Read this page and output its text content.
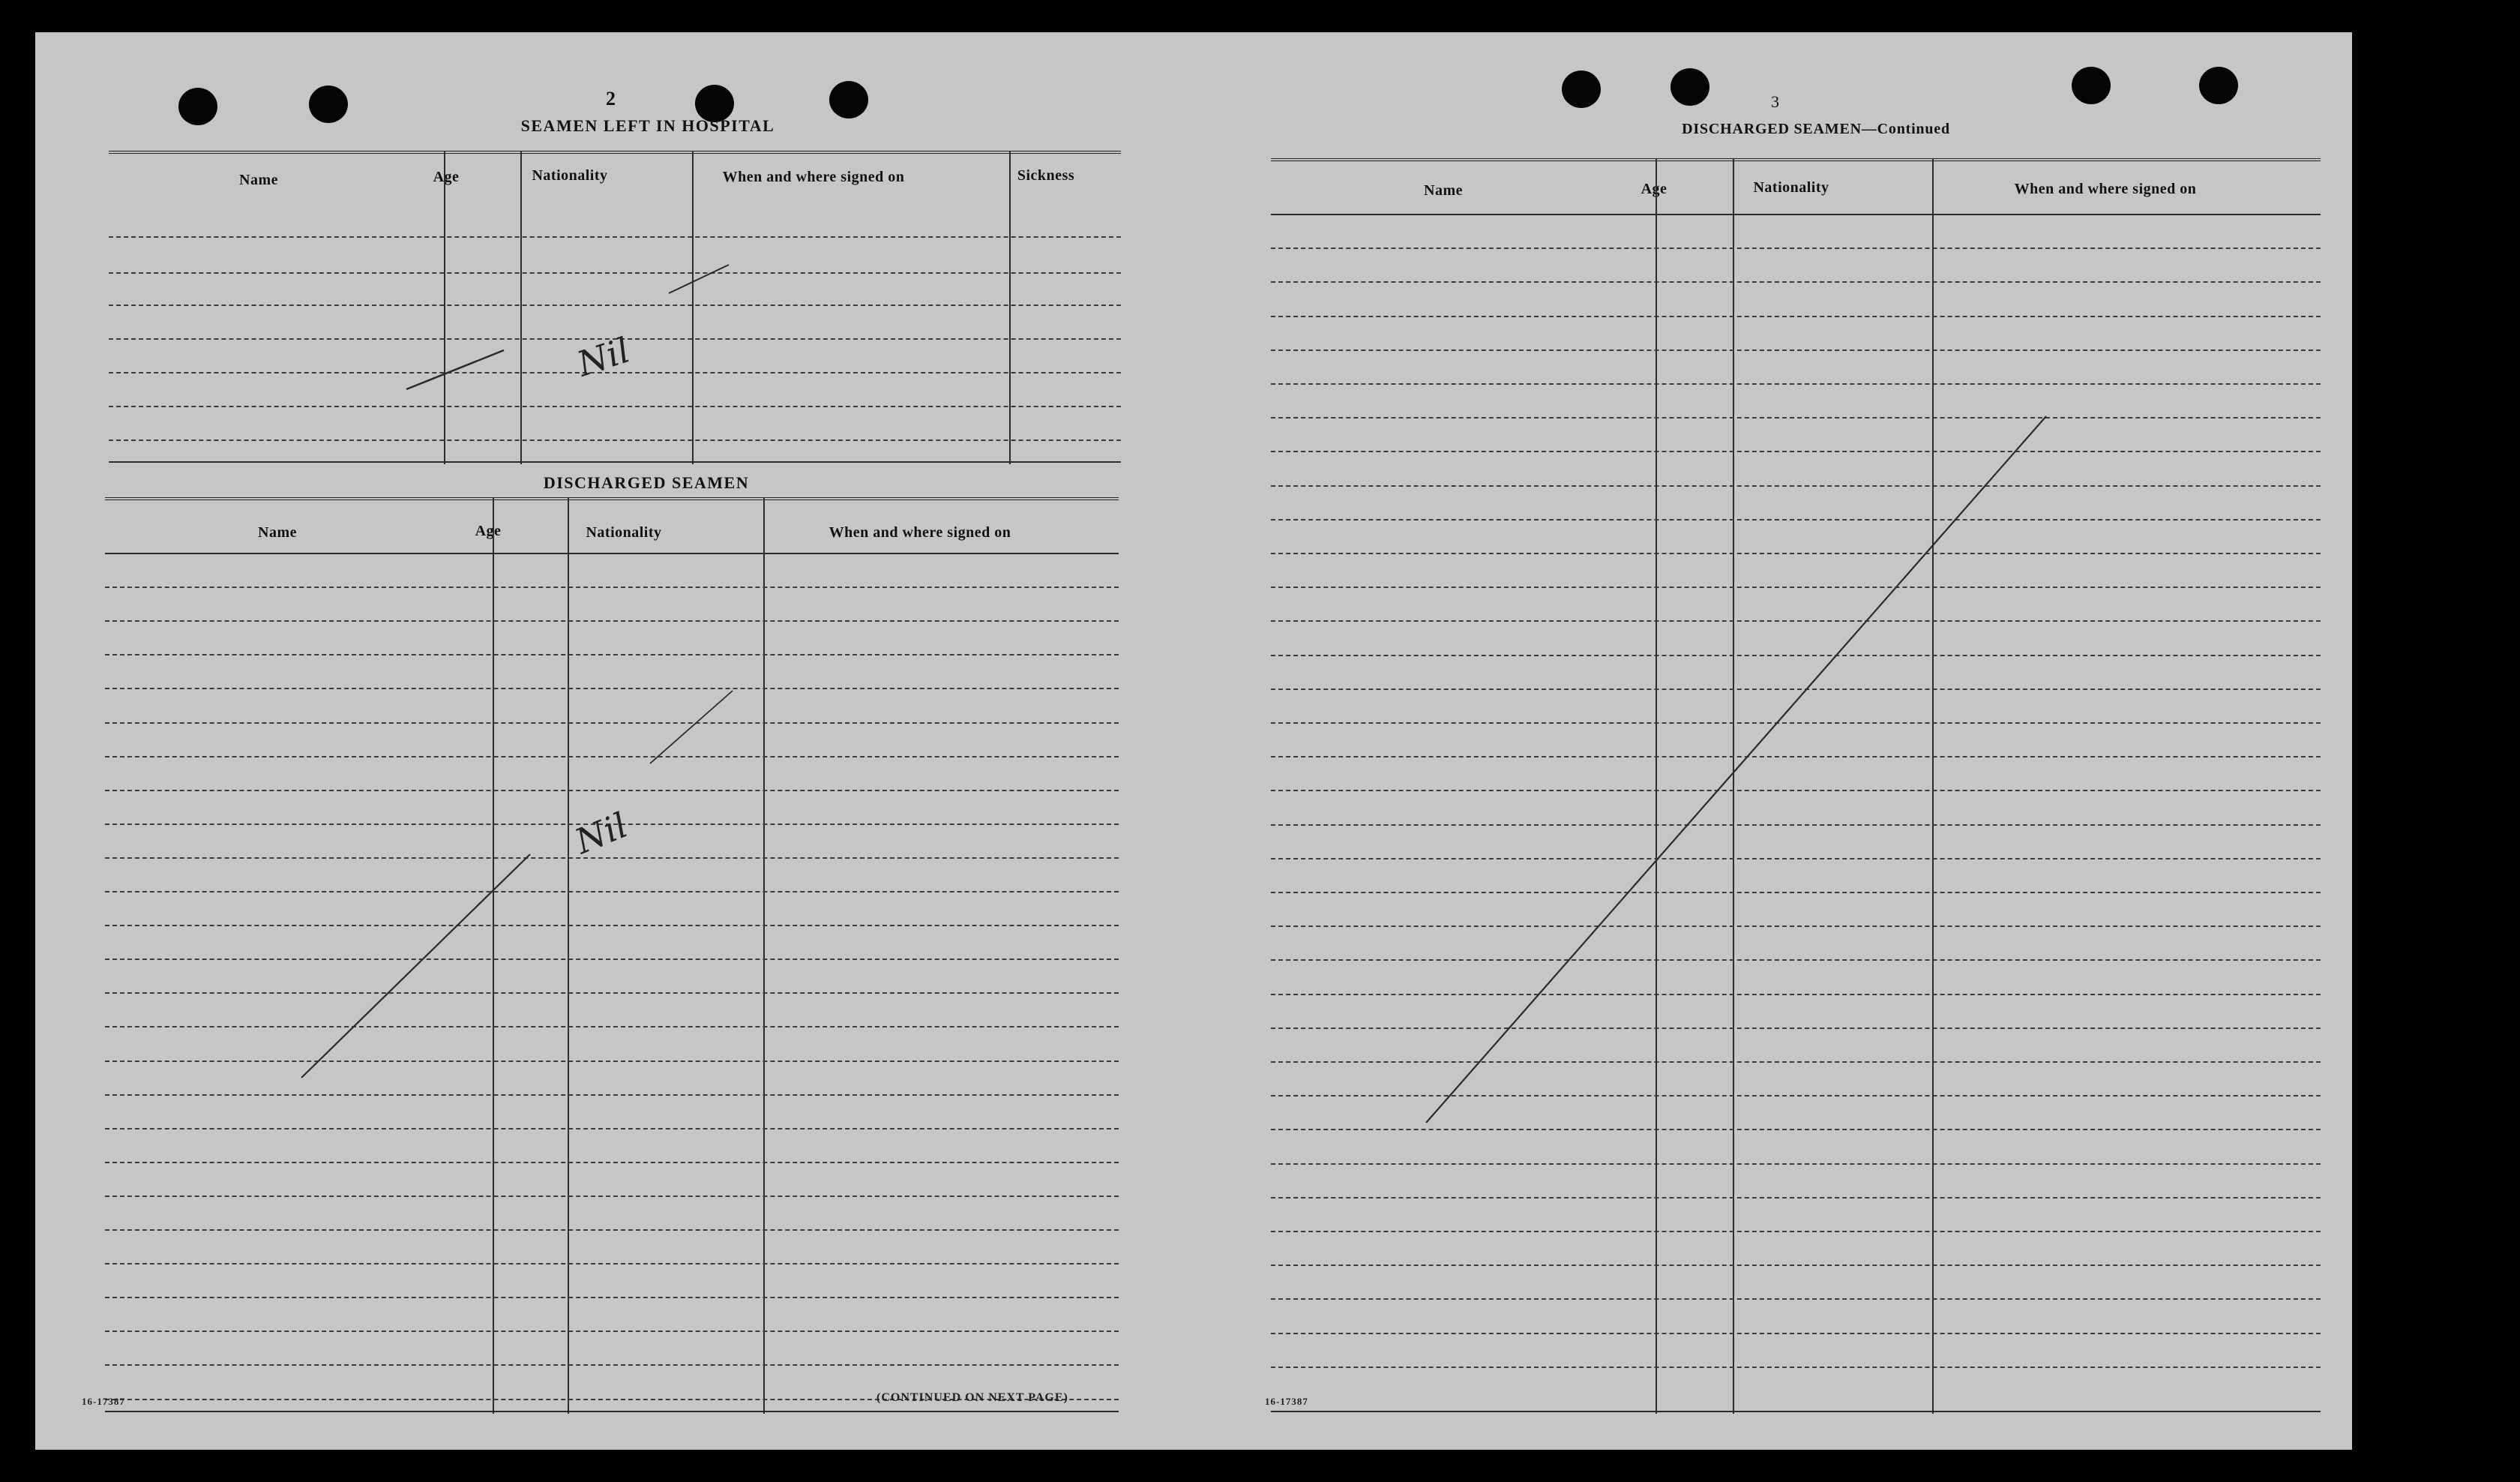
2
SEAMEN LEFT IN HOSPITAL
Name	Age	Nationality	When and where signed on	Sickness
Nil
DISCHARGED SEAMEN
Name	Age	Nationality	When and where signed on
Nil
16-17387	(CONTINUED ON NEXT PAGE)
3
DISCHARGED SEAMEN—Continued
Name	Age	Nationality	When and where signed on
16-17387
